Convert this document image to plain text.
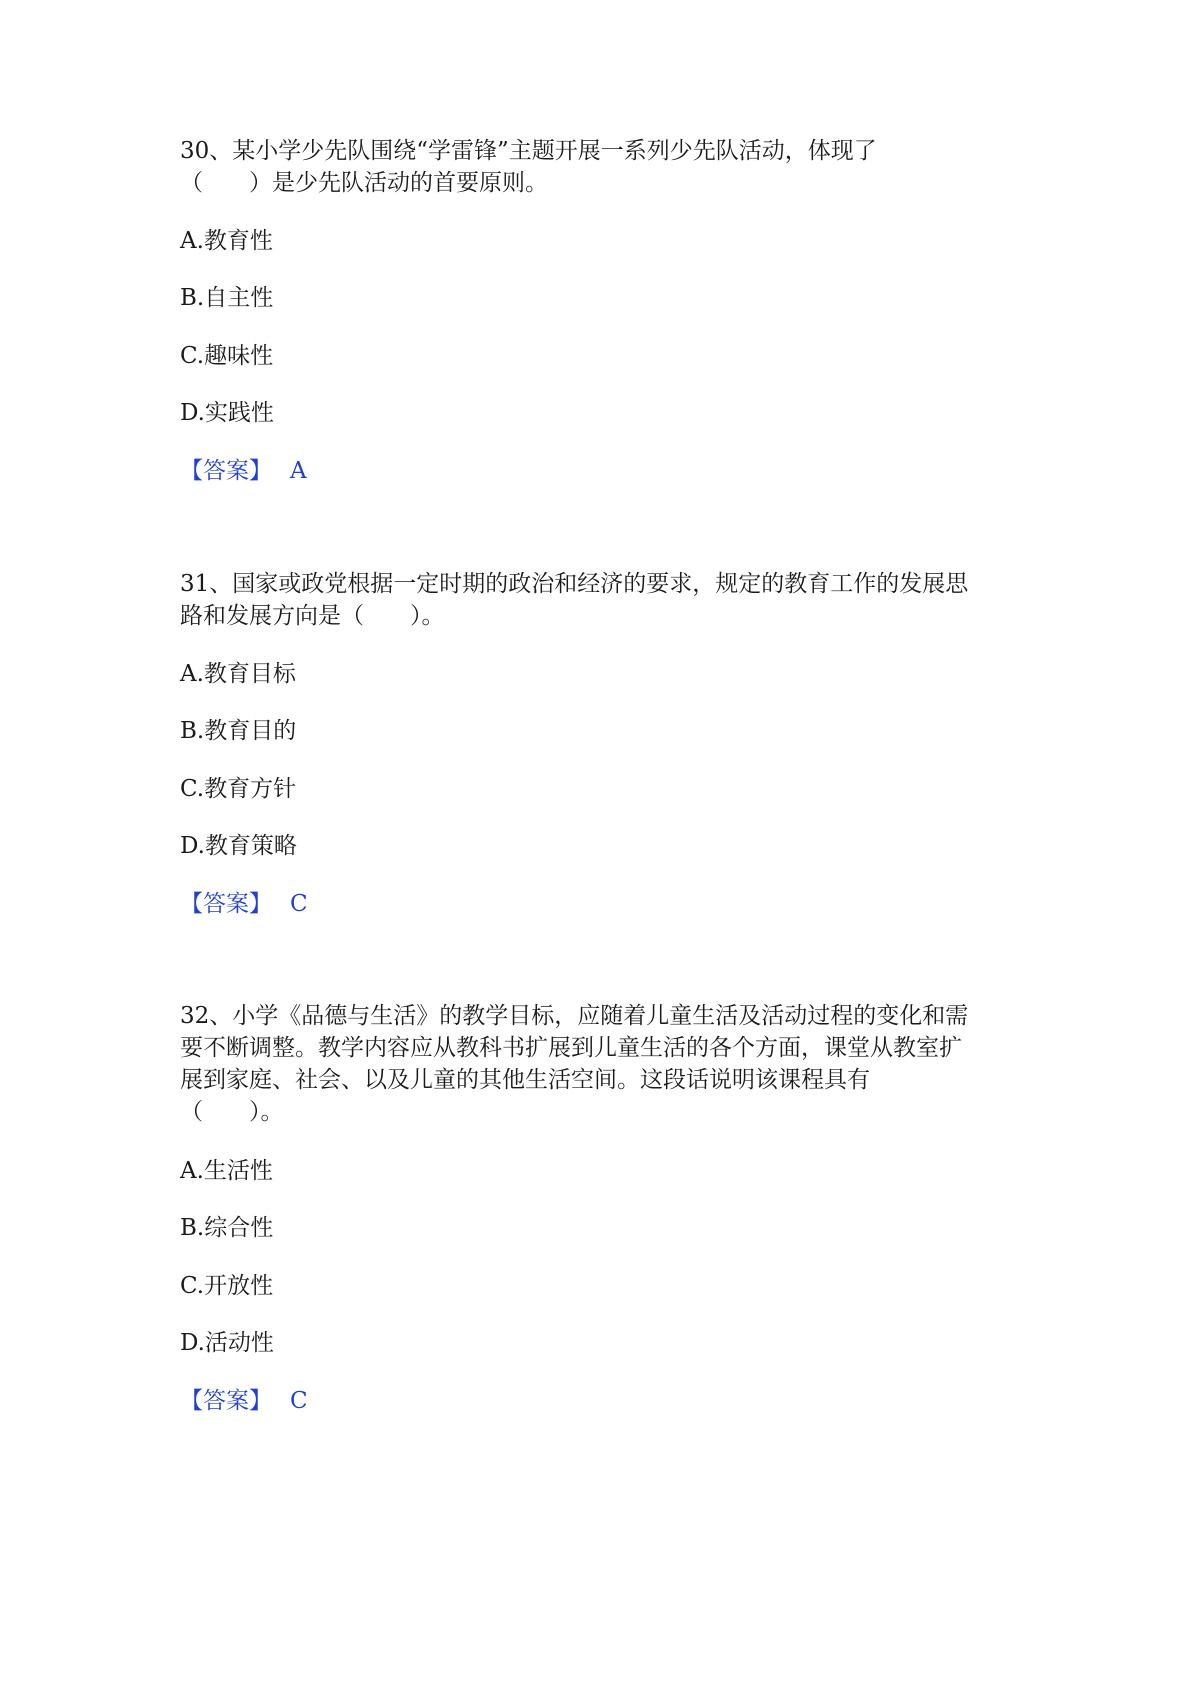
30、某小学少先队围绕“学雷锋”主题开展一系列少先队活动，体现了

（　　）是少先队活动的首要原则。

A.教育性

B.自主性

C.趣味性

D.实践性

【答案】 A

31、国家或政党根据一定时期的政治和经济的要求，规定的教育工作的发展思

路和发展方向是（　　）。

A.教育目标

B.教育目的

C.教育方针

D.教育策略

【答案】 C

32、小学《品德与生活》的教学目标，应随着儿童生活及活动过程的变化和需

要不断调整。教学内容应从教科书扩展到儿童生活的各个方面，课堂从教室扩

展到家庭、社会、以及儿童的其他生活空间。这段话说明该课程具有

（　　）。

A.生活性

B.综合性

C.开放性

D.活动性

【答案】 C
